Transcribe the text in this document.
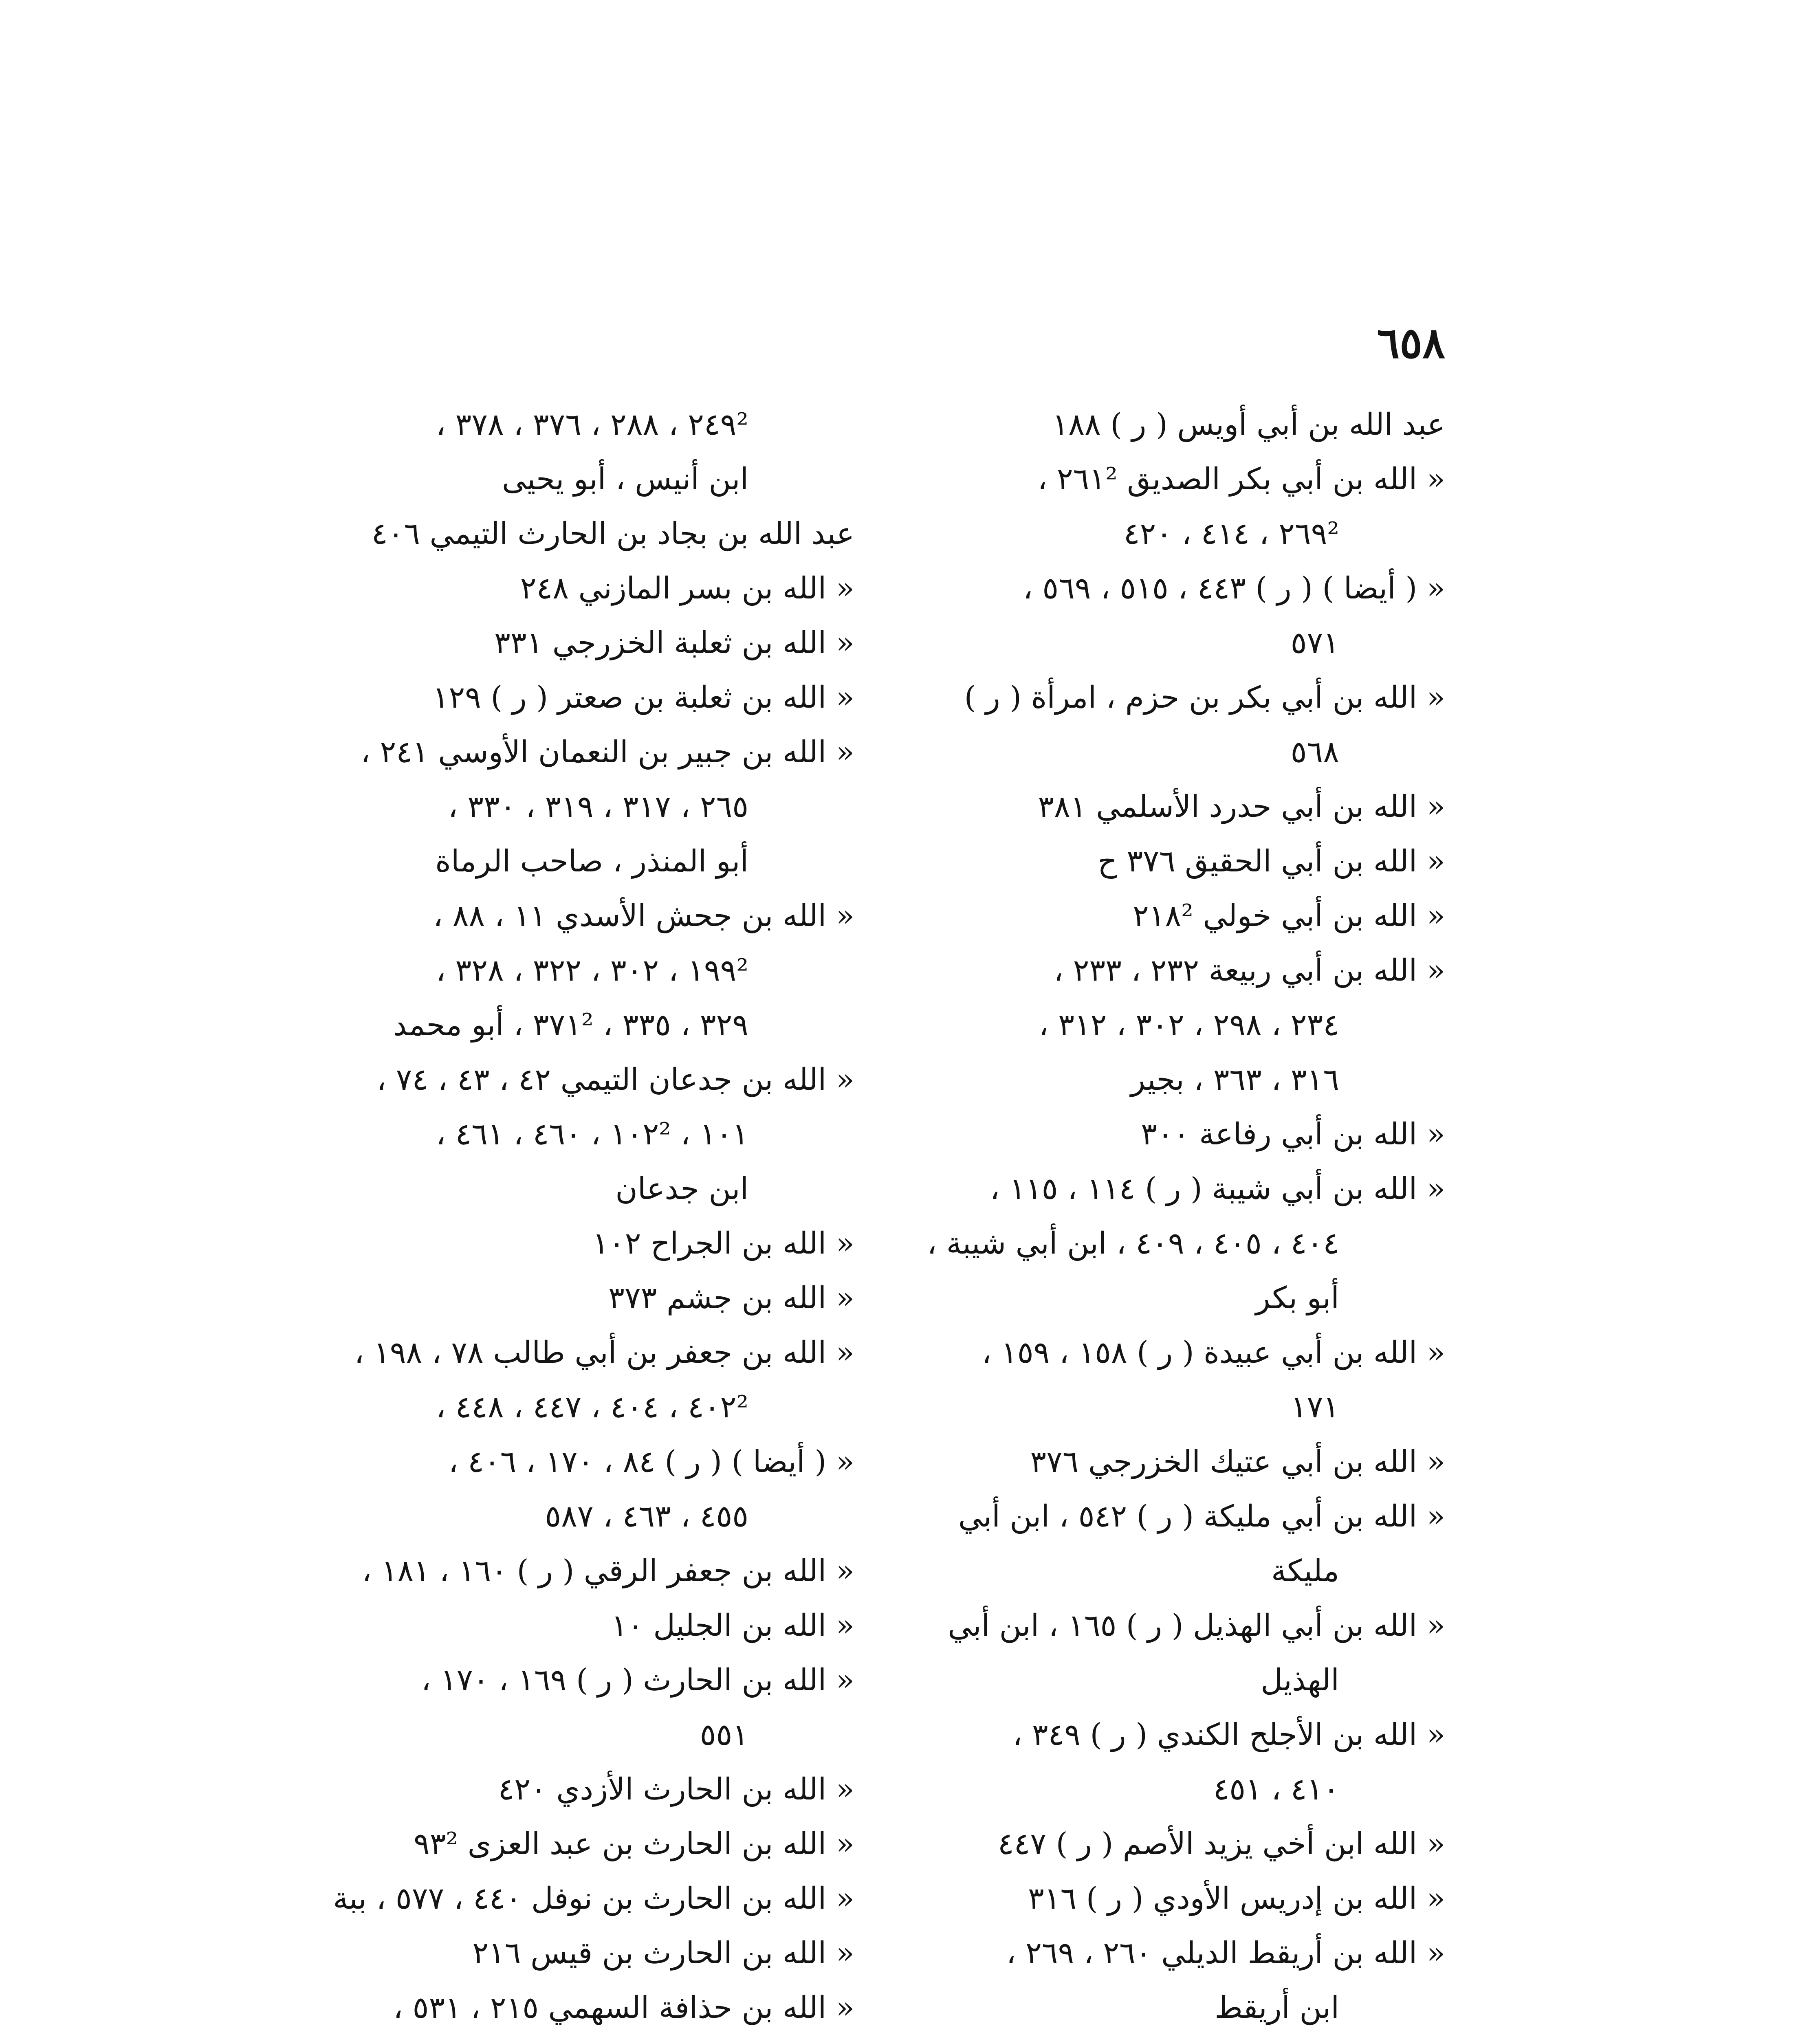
٦٥٨
عبد الله بن أبي أويس ( ر ) ١٨٨
« الله بن أبي بكر الصديق ٢٦١² ،
٢٦٩² ، ٤١٤ ، ٤٢٠
« ( أيضا ) ( ر ) ٤٤٣ ، ٥١٥ ، ٥٦٩ ،
٥٧١
« الله بن أبي بكر بن حزم ، امرأة ( ر )
٥٦٨
« الله بن أبي حدرد الأسلمي ٣٨١
« الله بن أبي الحقيق ٣٧٦ ح
« الله بن أبي خولي ٢١٨²
« الله بن أبي ربيعة ٢٣٢ ، ٢٣٣ ،
٢٣٤ ، ٢٩٨ ، ٣٠٢ ، ٣١٢ ،
٣١٦ ، ٣٦٣ ، بجير
« الله بن أبي رفاعة ٣٠٠
« الله بن أبي شيبة ( ر ) ١١٤ ، ١١٥ ،
٤٠٤ ، ٤٠٥ ، ٤٠٩ ، ابن أبي شيبة ،
أبو بكر
« الله بن أبي عبيدة ( ر ) ١٥٨ ، ١٥٩ ،
١٧١
« الله بن أبي عتيك الخزرجي ٣٧٦
« الله بن أبي مليكة ( ر ) ٥٤٢ ، ابن أبي
مليكة
« الله بن أبي الهذيل ( ر ) ١٦٥ ، ابن أبي
الهذيل
« الله بن الأجلح الكندي ( ر ) ٣٤٩ ،
٤١٠ ، ٤٥١
« الله ابن أخي يزيد الأصم ( ر ) ٤٤٧
« الله بن إدريس الأودي ( ر ) ٣١٦
« الله بن أريقط الديلي ٢٦٠ ، ٢٦٩ ،
ابن أريقط
٢٤٩² ، ٢٨٨ ، ٣٧٦ ، ٣٧٨ ،
ابن أنيس ، أبو يحيى
عبد الله بن بجاد بن الحارث التيمي ٤٠٦
« الله بن بسر المازني ٢٤٨
« الله بن ثعلبة الخزرجي ٣٣١
« الله بن ثعلبة بن صعتر ( ر ) ١٢٩
« الله بن جبير بن النعمان الأوسي ٢٤١ ،
٢٦٥ ، ٣١٧ ، ٣١٩ ، ٣٣٠ ،
أبو المنذر ، صاحب الرماة
« الله بن جحش الأسدي ١١ ، ٨٨ ،
١٩٩² ، ٣٠٢ ، ٣٢٢ ، ٣٢٨ ،
٣٢٩ ، ٣٣٥ ، ٣٧١² ، أبو محمد
« الله بن جدعان التيمي ٤٢ ، ٤٣ ، ٧٤ ،
١٠١ ، ١٠٢² ، ٤٦٠ ، ٤٦١ ،
ابن جدعان
« الله بن الجراح ١٠٢
« الله بن جشم ٣٧٣
« الله بن جعفر بن أبي طالب ٧٨ ، ١٩٨ ،
٤٠٢² ، ٤٠٤ ، ٤٤٧ ، ٤٤٨ ،
« ( أيضا ) ( ر ) ٨٤ ، ١٧٠ ، ٤٠٦ ،
٤٥٥ ، ٤٦٣ ، ٥٨٧
« الله بن جعفر الرقي ( ر ) ١٦٠ ، ١٨١ ،
« الله بن الجليل ١٠
« الله بن الحارث ( ر ) ١٦٩ ، ١٧٠ ،
٥٥١
« الله بن الحارث الأزدي ٤٢٠
« الله بن الحارث بن عبد العزى ٩٣²
« الله بن الحارث بن نوفل ٤٤٠ ، ٥٧٧ ، ببة
« الله بن الحارث بن قيس ٢١٦
« الله بن حذافة السهمي ٢١٥ ، ٥٣١ ،
